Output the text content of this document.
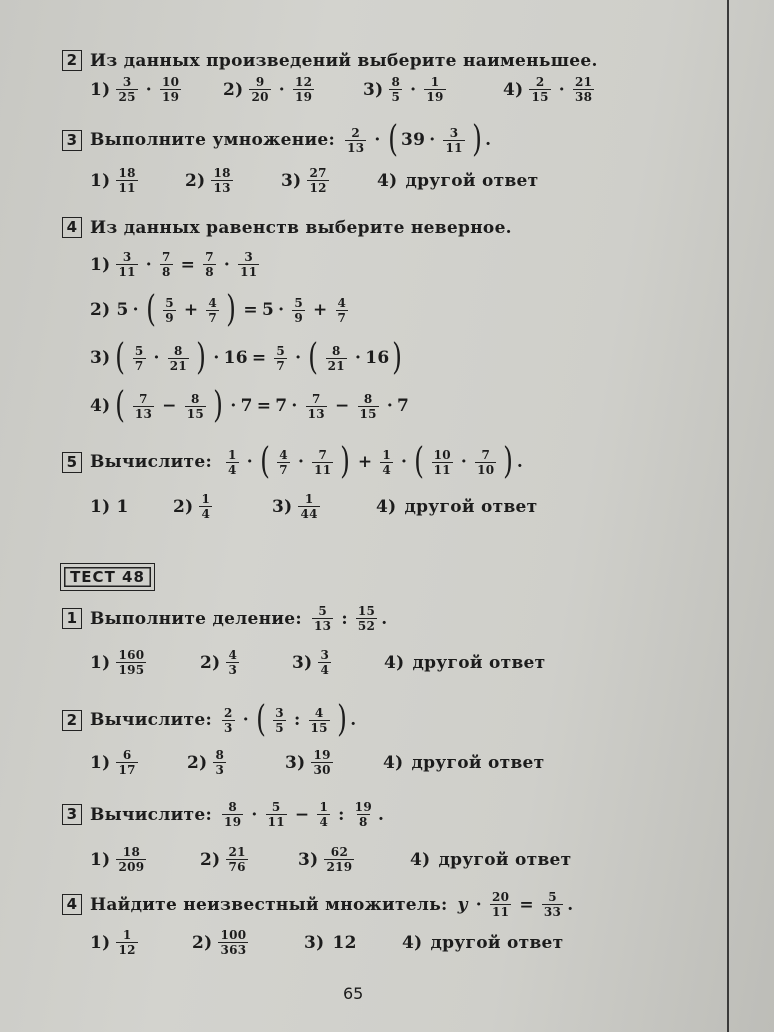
2 Из данных произведений выберите наименьшее.
$1) \frac{3}{25} \cdot \frac{10}{19} 2) \frac{9}{20} \cdot \frac{12}{19}$	$3) \frac{8}{5} \cdot \frac{1}{19}$	$4) \frac{2}{15} \cdot \frac{21}{38}$
3 Выполните умножение: $\frac{2}{13}$ · ( $39 \cdot \frac{3}{11}$ ) .
$1) \frac{18}{11}$	$2) \frac{18}{13}$	$3) \frac{27}{12}$	4) другой ответ
4 Из данных равенств выберите неверное.
$1) \frac{3}{11} \cdot \frac{7}{8} = \frac{7}{8} \cdot \frac{3}{11}$
2) 5 · ( $\frac{5}{9} + \frac{4}{7}$ ) = $5 \cdot \frac{5}{9} + \frac{4}{7}$
3) ( $\frac{5}{7} \cdot \frac{8}{21}$ ) · $16 = \frac{5}{7}$ · ( $\frac{8}{21} \cdot 16$ )
4) ( $\frac{7}{13} - \frac{8}{15}$ ) · $7 = 7 \cdot \frac{7}{13} - \frac{8}{15} \cdot 7$
5 Вычислите: $\frac{1}{4}$ · ( $\frac{4}{7} \cdot \frac{7}{11}$ ) + $\frac{1}{4}$ · ( $\frac{10}{11} \cdot \frac{7}{10}$ ) .
1) 1	$2) \frac{1}{4}$	$3) \frac{1}{44}$	4) другой ответ
ТЕСТ 48
1 Выполните деление: $\frac{5}{13}$ : $\frac{15}{52}$ .
$1) \frac{160}{195}$	$2) \frac{4}{3}$	$3) \frac{3}{4}$	4) другой ответ
2 Вычислите: $\frac{2}{3}$ · ( $\frac{3}{5}$ : $\frac{4}{15}$ ) .
$1) \frac{6}{17}$	$2) \frac{8}{3}$	$3) \frac{19}{30}$	4) другой ответ
3 Вычислите: $\frac{8}{19} \cdot \frac{5}{11} - \frac{1}{4}$ : $\frac{19}{8}$ .
$1) \frac{18}{209}$	$2) \frac{21}{76}$	$3) \frac{62}{219}$	4) другой ответ
4 Найдите неизвестный множитель: $y \cdot \frac{20}{11} = \frac{5}{33}$ .
$1) \frac{1}{12}$	$2) \frac{100}{363}$	3) 12	4) другой ответ
65
